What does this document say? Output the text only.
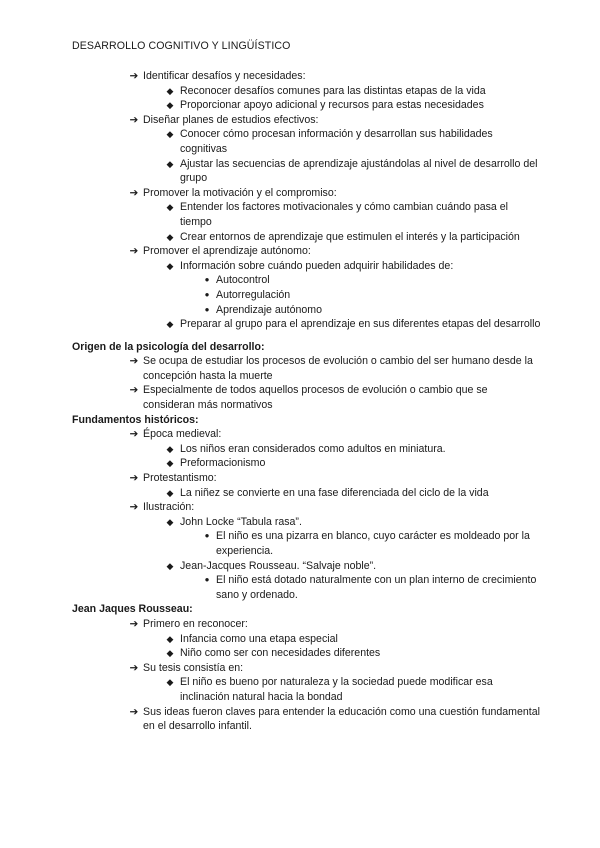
DESARROLLO COGNITIVO Y LINGÜÍSTICO
➔ Identificar desafíos y necesidades:
◆ Reconocer desafíos comunes para las distintas etapas de la vida
◆ Proporcionar apoyo adicional y recursos para estas necesidades
➔ Diseñar planes de estudios efectivos:
◆ Conocer cómo procesan información y desarrollan sus habilidades cognitivas
◆ Ajustar las secuencias de aprendizaje ajustándolas al nivel de desarrollo del grupo
➔ Promover la motivación y el compromiso:
◆ Entender los factores motivacionales y cómo cambian cuándo pasa el tiempo
◆ Crear entornos de aprendizaje que estimulen el interés y la participación
➔ Promover el aprendizaje autónomo:
◆ Información sobre cuándo pueden adquirir habilidades de:
● Autocontrol
● Autorregulación
● Aprendizaje autónomo
◆ Preparar al grupo para el aprendizaje en sus diferentes etapas del desarrollo
Origen de la psicología del desarrollo:
➔ Se ocupa de estudiar los procesos de evolución o cambio del ser humano desde la concepción hasta la muerte
➔ Especialmente de todos aquellos procesos de evolución o cambio que se consideran más normativos
Fundamentos históricos:
➔ Época medieval:
◆ Los niños eran considerados como adultos en miniatura.
◆ Preformacionismo
➔ Protestantismo:
◆ La niñez se convierte en una fase diferenciada del ciclo de la vida
➔ Ilustración:
◆ John Locke “Tabula rasa”.
● El niño es una pizarra en blanco, cuyo carácter es moldeado por la experiencia.
◆ Jean-Jacques Rousseau. “Salvaje noble”.
● El niño está dotado naturalmente con un plan interno de crecimiento sano y ordenado.
Jean Jaques Rousseau:
➔ Primero en reconocer:
◆ Infancia como una etapa especial
◆ Niño como ser con necesidades diferentes
➔ Su tesis consistía en:
◆ El niño es bueno por naturaleza y la sociedad puede modificar esa inclinación natural hacia la bondad
➔ Sus ideas fueron claves para entender la educación como una cuestión fundamental en el desarrollo infantil.
